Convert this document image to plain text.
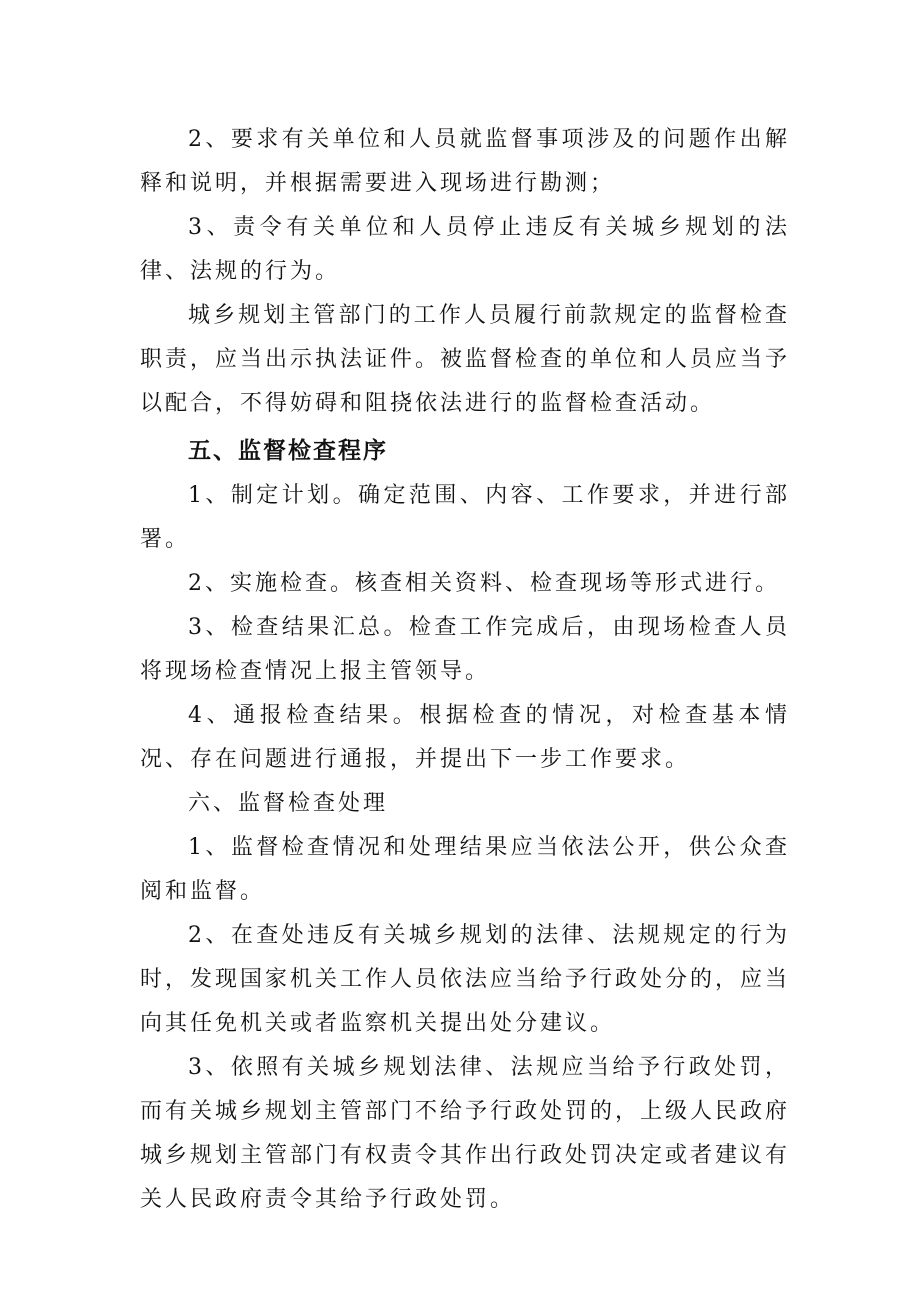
2、要求有关单位和人员就监督事项涉及的问题作出解释和说明，并根据需要进入现场进行勘测；

3、责令有关单位和人员停止违反有关城乡规划的法律、法规的行为。

城乡规划主管部门的工作人员履行前款规定的监督检查职责，应当出示执法证件。被监督检查的单位和人员应当予以配合，不得妨碍和阻挠依法进行的监督检查活动。

五、监督检查程序

1、制定计划。确定范围、内容、工作要求，并进行部署。

2、实施检查。核查相关资料、检查现场等形式进行。

3、检查结果汇总。检查工作完成后，由现场检查人员将现场检查情况上报主管领导。

4、通报检查结果。根据检查的情况，对检查基本情况、存在问题进行通报，并提出下一步工作要求。

六、监督检查处理

1、监督检查情况和处理结果应当依法公开，供公众查阅和监督。

2、在查处违反有关城乡规划的法律、法规规定的行为时，发现国家机关工作人员依法应当给予行政处分的，应当向其任免机关或者监察机关提出处分建议。

3、依照有关城乡规划法律、法规应当给予行政处罚，而有关城乡规划主管部门不给予行政处罚的，上级人民政府城乡规划主管部门有权责令其作出行政处罚决定或者建议有关人民政府责令其给予行政处罚。
